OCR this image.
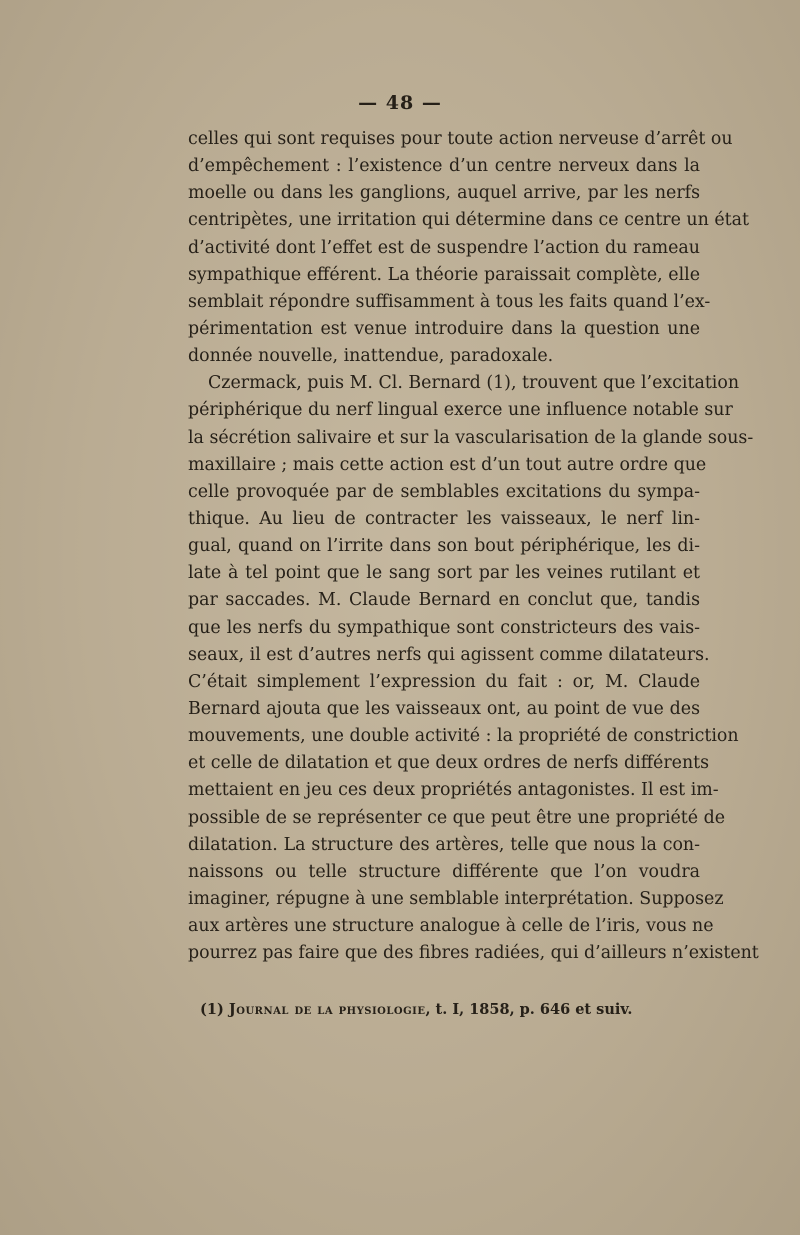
— 48 —
celles qui sont requises pour toute action nerveuse d’arrêt ou
d’empêchement : l’existence d’un centre nerveux dans la
moelle ou dans les ganglions, auquel arrive, par les nerfs
centripètes, une irritation qui détermine dans ce centre un état
d’activité dont l’effet est de suspendre l’action du rameau
sympathique efférent. La théorie paraissait complète, elle
semblait répondre suffisamment à tous les faits quand l’ex-
périmentation est venue introduire dans la question une
donnée nouvelle, inattendue, paradoxale.
Czermack, puis M. Cl. Bernard (1), trouvent que l’excitation
périphérique du nerf lingual exerce une influence notable sur
la sécrétion salivaire et sur la vascularisation de la glande sous-
maxillaire ; mais cette action est d’un tout autre ordre que
celle provoquée par de semblables excitations du sympa-
thique. Au lieu de contracter les vaisseaux, le nerf lin-
gual, quand on l’irrite dans son bout périphérique, les di-
late à tel point que le sang sort par les veines rutilant et
par saccades. M. Claude Bernard en conclut que, tandis
que les nerfs du sympathique sont constricteurs des vais-
seaux, il est d’autres nerfs qui agissent comme dilatateurs.
C’était simplement l’expression du fait : or, M. Claude
Bernard ajouta que les vaisseaux ont, au point de vue des
mouvements, une double activité : la propriété de constriction
et celle de dilatation et que deux ordres de nerfs différents
mettaient en jeu ces deux propriétés antagonistes. Il est im-
possible de se représenter ce que peut être une propriété de
dilatation. La structure des artères, telle que nous la con-
naissons ou telle structure différente que l’on voudra
imaginer, répugne à une semblable interprétation. Supposez
aux artères une structure analogue à celle de l’iris, vous ne
pourrez pas faire que des fibres radiées, qui d’ailleurs n’existent
(1) Journal de la physiologie, t. I, 1858, p. 646 et suiv.
